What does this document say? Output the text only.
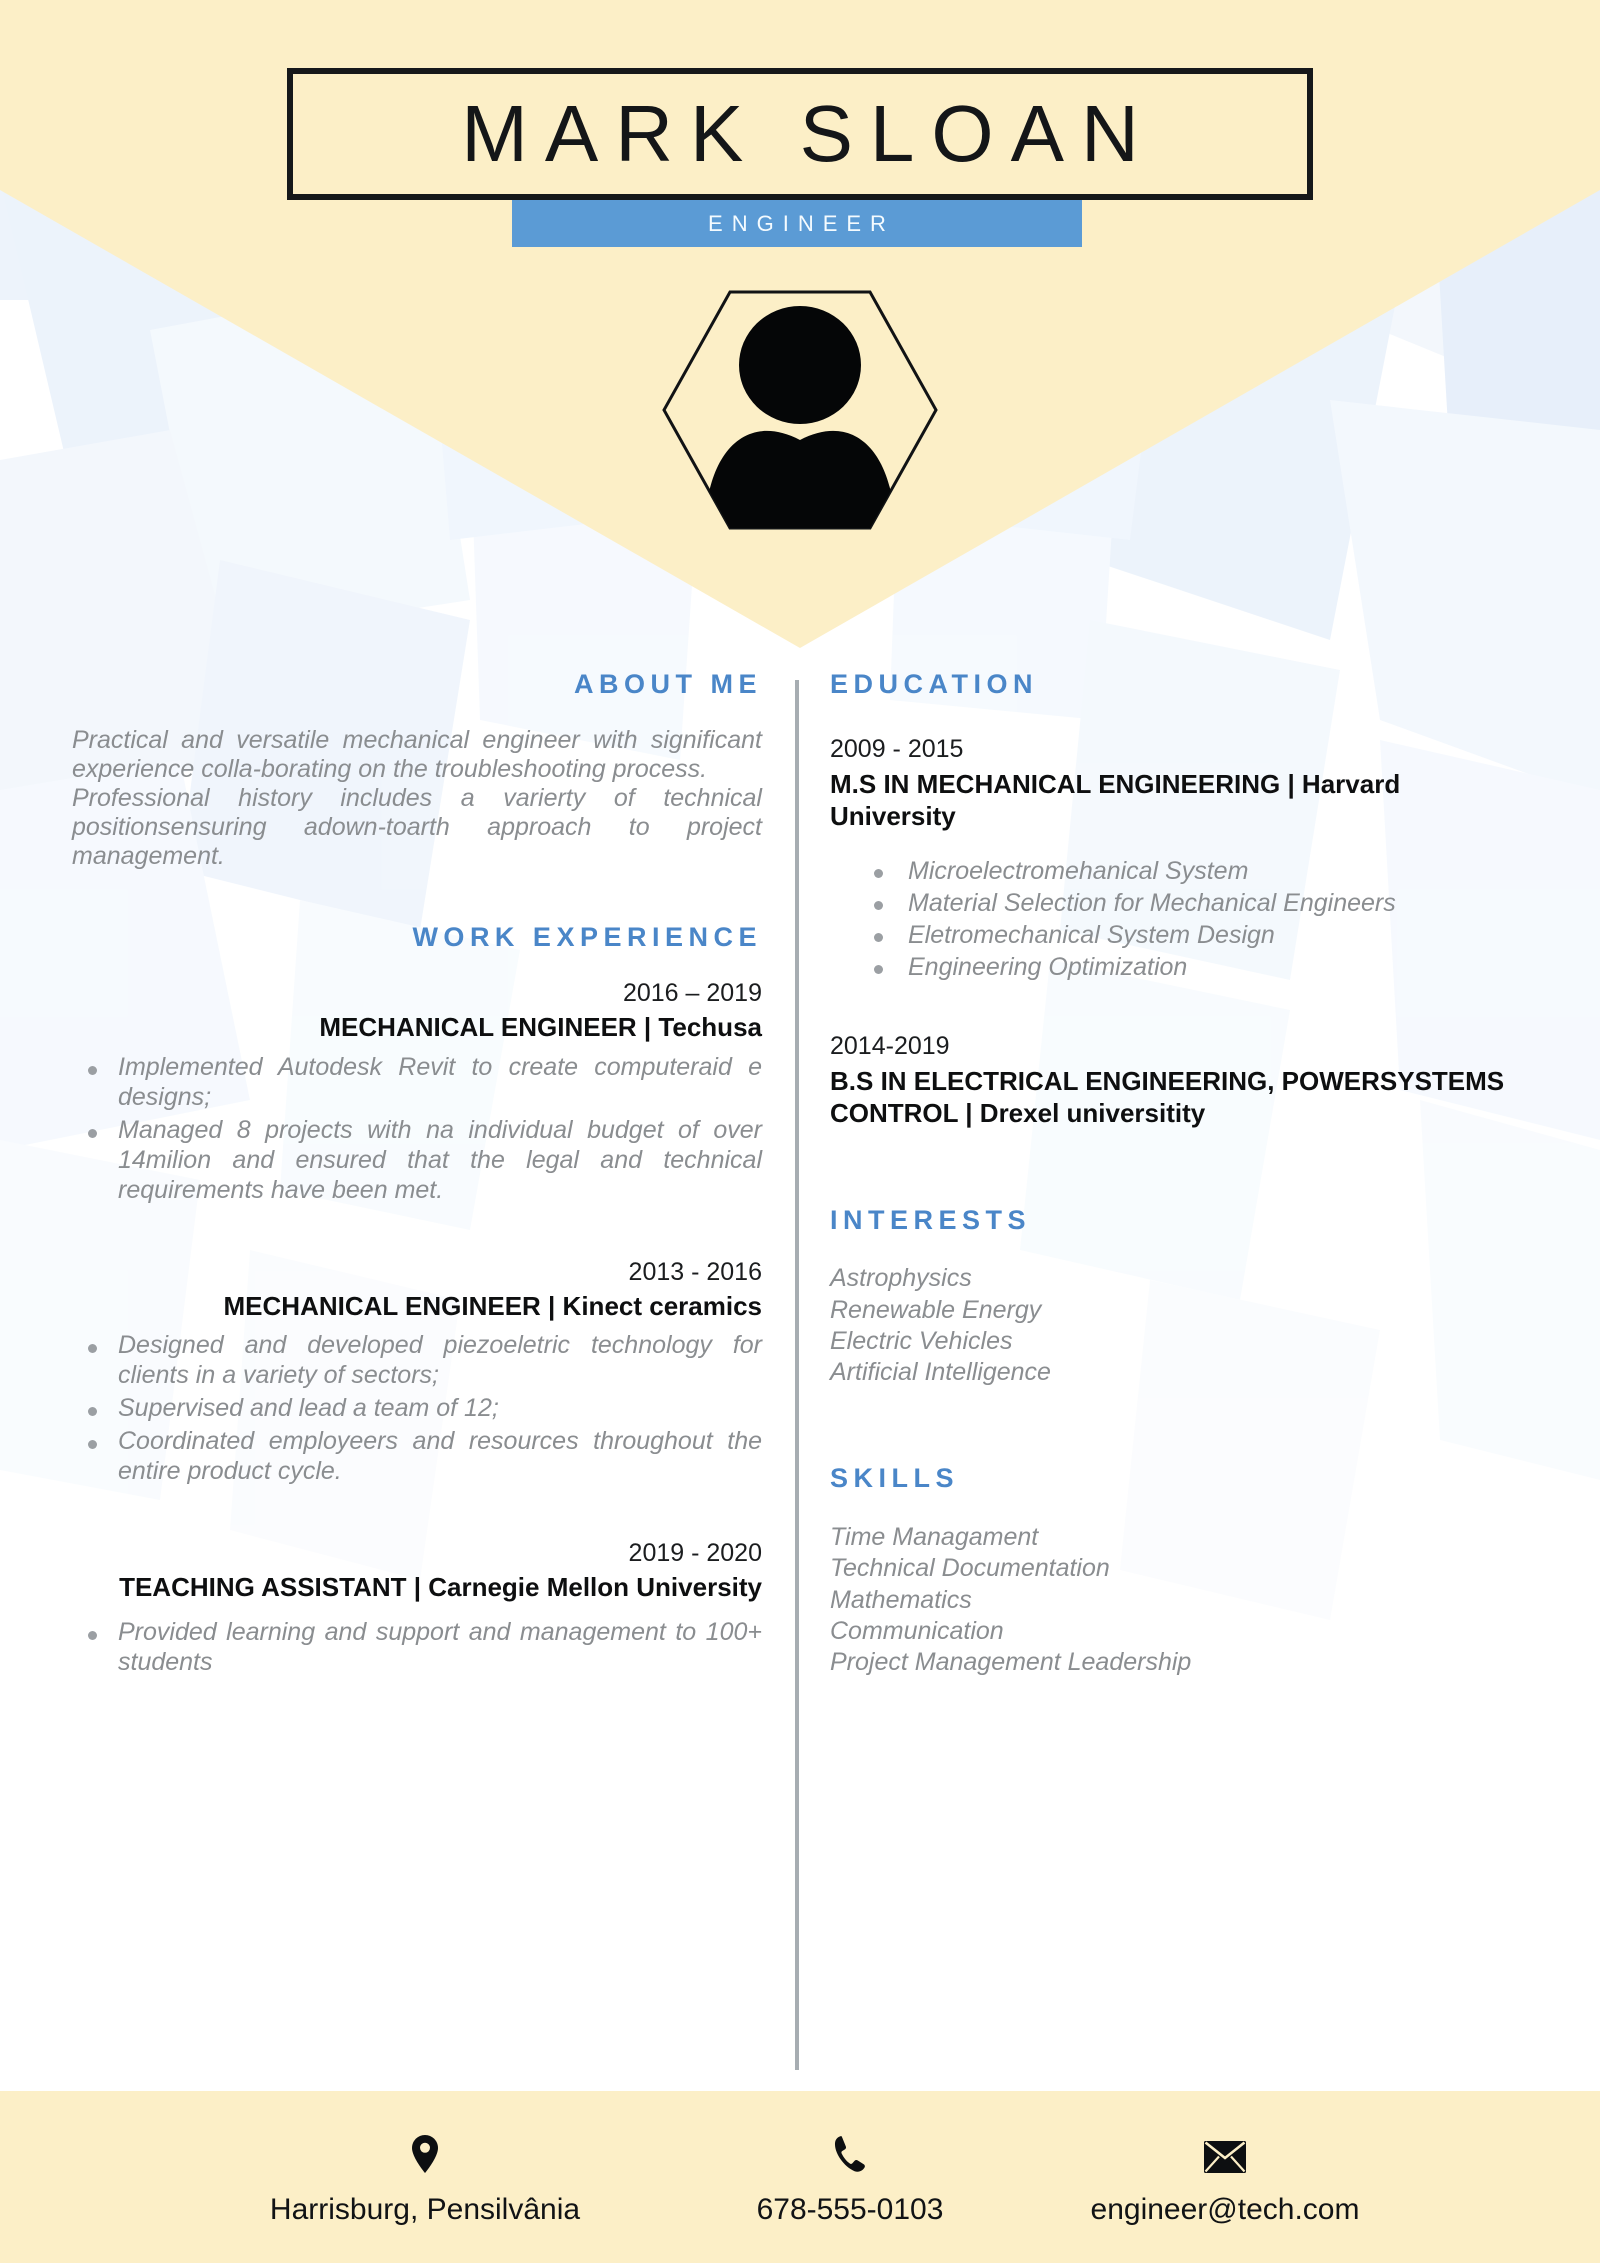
MARK SLOAN
ENGINEER
ABOUT ME

Practical and versatile mechanical engineer with significant experience colla-borating on the troubleshooting process.

Professional history includes a varierty of technical positionsensuring adown-toarth approach to project management.

WORK EXPERIENCE

2016 – 2019

MECHANICAL ENGINEER | Techusa

Implemented Autodesk Revit to create computeraid e designs;
Managed 8 projects with na individual budget of over 14milion and ensured that the legal and technical requirements have been met.

2013 - 2016

MECHANICAL ENGINEER | Kinect ceramics

Designed and developed piezoeletric technology for clients in a variety of sectors;
Supervised and lead a team of 12;
Coordinated employeers and resources throughout the entire product cycle.

2019 - 2020

TEACHING ASSISTANT | Carnegie Mellon University

Provided learning and support and management to 100+ students
EDUCATION

2009 - 2015

M.S IN MECHANICAL ENGINEERING | Harvard University

Microelectromehanical System
Material Selection for Mechanical Engineers
Eletromechanical System Design
Engineering Optimization

2014-2019

B.S IN ELECTRICAL ENGINEERING, POWERSYSTEMS CONTROL | Drexel universitity

INTERESTS
Astrophysics
Renewable Energy
Electric Vehicles
Artificial Intelligence
SKILLS
Time Managament
Technical Documentation
Mathematics
Communication
Project Management Leadership
Harrisburg, Pensilvânia	678-555-0103	engineer@tech.com
